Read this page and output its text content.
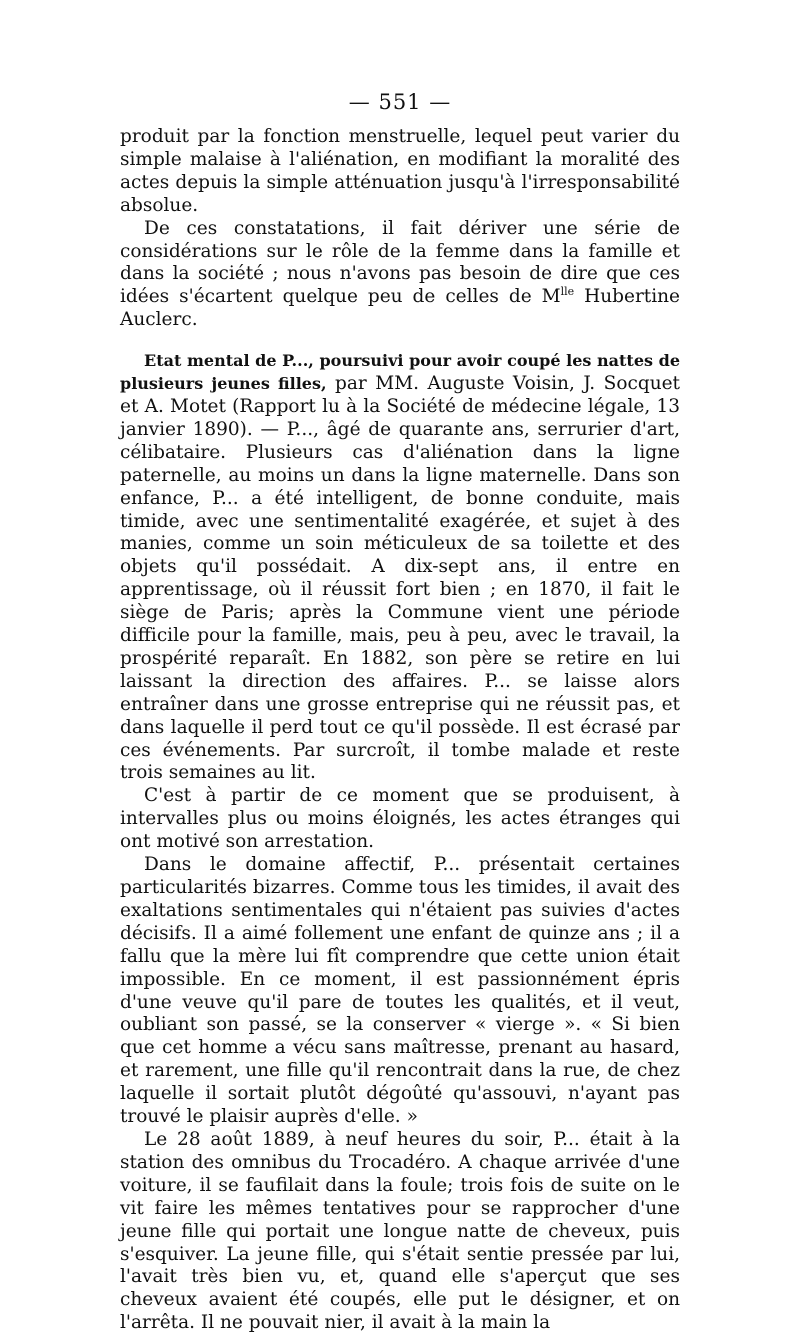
— 551 —

produit par la fonction menstruelle, lequel peut varier du simple malaise à l'aliénation, en modifiant la moralité des actes depuis la simple atténuation jusqu'à l'irresponsabilité absolue.

De ces constatations, il fait dériver une série de considérations sur le rôle de la femme dans la famille et dans la société ; nous n'avons pas besoin de dire que ces idées s'écartent quelque peu de celles de $M^{lle}$ Hubertine Auclerc.

Etat mental de P..., poursuivi pour avoir coupé les nattes de plusieurs jeunes filles, par MM. Auguste Voisin, J. Socquet et A. Motet (Rapport lu à la Société de médecine légale, 13 janvier 1890). — P..., âgé de quarante ans, serrurier d'art, célibataire. Plusieurs cas d'aliénation dans la ligne paternelle, au moins un dans la ligne maternelle. Dans son enfance, P... a été intelligent, de bonne conduite, mais timide, avec une sentimentalité exagérée, et sujet à des manies, comme un soin méticuleux de sa toilette et des objets qu'il possédait. A dix-sept ans, il entre en apprentissage, où il réussit fort bien ; en 1870, il fait le siège de Paris; après la Commune vient une période difficile pour la famille, mais, peu à peu, avec le travail, la prospérité reparaît. En 1882, son père se retire en lui laissant la direction des affaires. P... se laisse alors entraîner dans une grosse entreprise qui ne réussit pas, et dans laquelle il perd tout ce qu'il possède. Il est écrasé par ces événements. Par surcroît, il tombe malade et reste trois semaines au lit.

C'est à partir de ce moment que se produisent, à intervalles plus ou moins éloignés, les actes étranges qui ont motivé son arrestation.

Dans le domaine affectif, P... présentait certaines particularités bizarres. Comme tous les timides, il avait des exaltations sentimentales qui n'étaient pas suivies d'actes décisifs. Il a aimé follement une enfant de quinze ans ; il a fallu que la mère lui fît comprendre que cette union était impossible. En ce moment, il est passionnément épris d'une veuve qu'il pare de toutes les qualités, et il veut, oubliant son passé, se la conserver « vierge ». « Si bien que cet homme a vécu sans maîtresse, prenant au hasard, et rarement, une fille qu'il rencontrait dans la rue, de chez laquelle il sortait plutôt dégoûté qu'assouvi, n'ayant pas trouvé le plaisir auprès d'elle. »

Le 28 août 1889, à neuf heures du soir, P... était à la station des omnibus du Trocadéro. A chaque arrivée d'une voiture, il se faufilait dans la foule; trois fois de suite on le vit faire les mêmes tentatives pour se rapprocher d'une jeune fille qui portait une longue natte de cheveux, puis s'esquiver. La jeune fille, qui s'était sentie pressée par lui, l'avait très bien vu, et, quand elle s'aperçut que ses cheveux avaient été coupés, elle put le désigner, et on l'arrêta. Il ne pouvait nier, il avait à la main la
